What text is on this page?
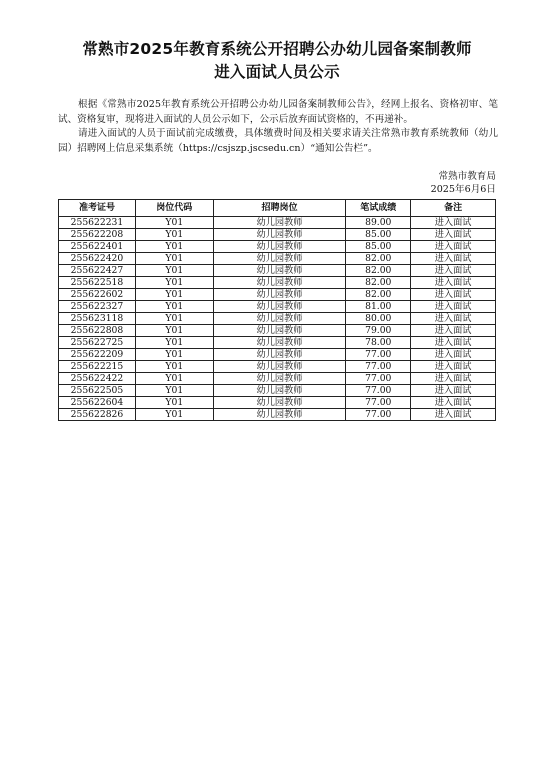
常熟市2025年教育系统公开招聘公办幼儿园备案制教师
进入面试人员公示
根据《常熟市2025年教育系统公开招聘公办幼儿园备案制教师公告》，经网上报名、资格初审、笔试、资格复审，现将进入面试的人员公示如下，公示后放弃面试资格的，不再递补。
请进入面试的人员于面试前完成缴费，具体缴费时间及相关要求请关注常熟市教育系统教师（幼儿园）招聘网上信息采集系统（https://csjszp.jscsedu.cn）“通知公告栏”。
常熟市教育局
2025年6月6日
准考证号	岗位代码	招聘岗位	笔试成绩	备注
255622231	Y01	幼儿园教师	89.00	进入面试
255622208	Y01	幼儿园教师	85.00	进入面试
255622401	Y01	幼儿园教师	85.00	进入面试
255622420	Y01	幼儿园教师	82.00	进入面试
255622427	Y01	幼儿园教师	82.00	进入面试
255622518	Y01	幼儿园教师	82.00	进入面试
255622602	Y01	幼儿园教师	82.00	进入面试
255622327	Y01	幼儿园教师	81.00	进入面试
255623118	Y01	幼儿园教师	80.00	进入面试
255622808	Y01	幼儿园教师	79.00	进入面试
255622725	Y01	幼儿园教师	78.00	进入面试
255622209	Y01	幼儿园教师	77.00	进入面试
255622215	Y01	幼儿园教师	77.00	进入面试
255622422	Y01	幼儿园教师	77.00	进入面试
255622505	Y01	幼儿园教师	77.00	进入面试
255622604	Y01	幼儿园教师	77.00	进入面试
255622826	Y01	幼儿园教师	77.00	进入面试
